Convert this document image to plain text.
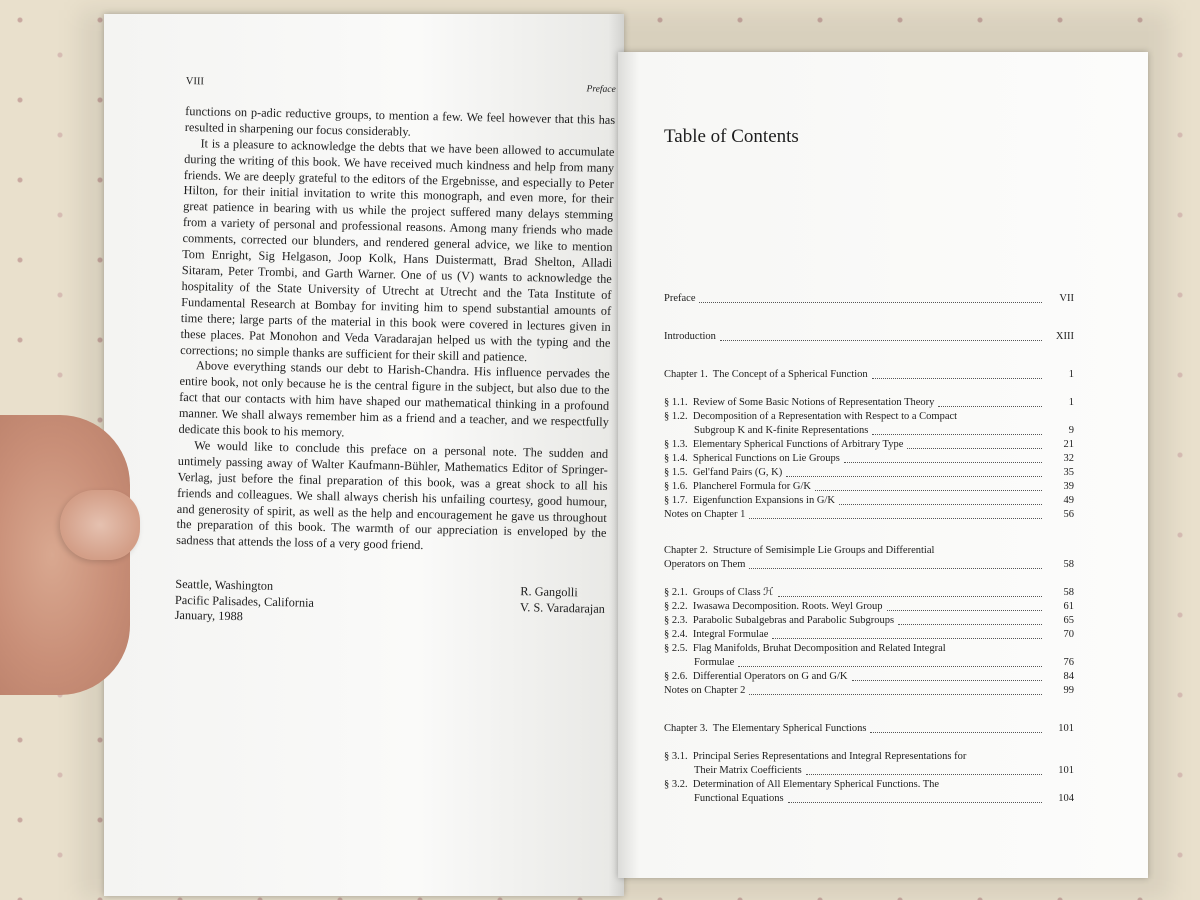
VIII
Preface

functions on p-adic reductive groups, to mention a few. We feel however that this has resulted in sharpening our focus considerably.

It is a pleasure to acknowledge the debts that we have been allowed to accumulate during the writing of this book. We have received much kindness and help from many friends. We are deeply grateful to the editors of the Ergebnisse, and especially to Peter Hilton, for their initial invitation to write this monograph, and even more, for their great patience in bearing with us while the project suffered many delays stemming from a variety of personal and professional reasons. Among many friends who made comments, corrected our blunders, and rendered general advice, we like to mention Tom Enright, Sig Helgason, Joop Kolk, Hans Duistermatt, Brad Shelton, Alladi Sitaram, Peter Trombi, and Garth Warner. One of us (V) wants to acknowledge the hospitality of the State University of Utrecht at Utrecht and the Tata Institute of Fundamental Research at Bombay for inviting him to spend substantial amounts of time there; large parts of the material in this book were covered in lectures given in these places. Pat Monohon and Veda Varadarajan helped us with the typing and the corrections; no simple thanks are sufficient for their skill and patience.

Above everything stands our debt to Harish-Chandra. His influence pervades the entire book, not only because he is the central figure in the subject, but also due to the fact that our contacts with him have shaped our mathematical thinking in a profound manner. We shall always remember him as a friend and a teacher, and we respectfully dedicate this book to his memory.

We would like to conclude this preface on a personal note. The sudden and untimely passing away of Walter Kaufmann-Bühler, Mathematics Editor of Springer-Verlag, just before the final preparation of this book, was a great shock to all his friends and colleagues. We shall always cherish his unfailing courtesy, good humour, and generosity of spirit, as well as the help and encouragement he gave us throughout the preparation of this book. The warmth of our appreciation is enveloped by the sadness that attends the loss of a very good friend.

Seattle, Washington	R. Gangolli
Pacific Palisades, California	V. S. Varadarajan
January, 1988
Table of Contents
Preface	VII
Introduction	XIII
Chapter 1.  The Concept of a Spherical Function	1
§ 1.1.  Review of Some Basic Notions of Representation Theory	1
§ 1.2.  Decomposition of a Representation with Respect to a Compact
Subgroup K and K-finite Representations	9
§ 1.3.  Elementary Spherical Functions of Arbitrary Type	21
§ 1.4.  Spherical Functions on Lie Groups	32
§ 1.5.  Gel'fand Pairs (G, K)	35
§ 1.6.  Plancherel Formula for G/K	39
§ 1.7.  Eigenfunction Expansions in G/K	49
Notes on Chapter 1	56
Chapter 2.  Structure of Semisimple Lie Groups and Differential
Operators on Them	58
§ 2.1.  Groups of Class ℋ	58
§ 2.2.  Iwasawa Decomposition. Roots. Weyl Group	61
§ 2.3.  Parabolic Subalgebras and Parabolic Subgroups	65
§ 2.4.  Integral Formulae	70
§ 2.5.  Flag Manifolds, Bruhat Decomposition and Related Integral
Formulae	76
§ 2.6.  Differential Operators on G and G/K	84
Notes on Chapter 2	99
Chapter 3.  The Elementary Spherical Functions	101
§ 3.1.  Principal Series Representations and Integral Representations for
Their Matrix Coefficients	101
§ 3.2.  Determination of All Elementary Spherical Functions. The
Functional Equations	104
